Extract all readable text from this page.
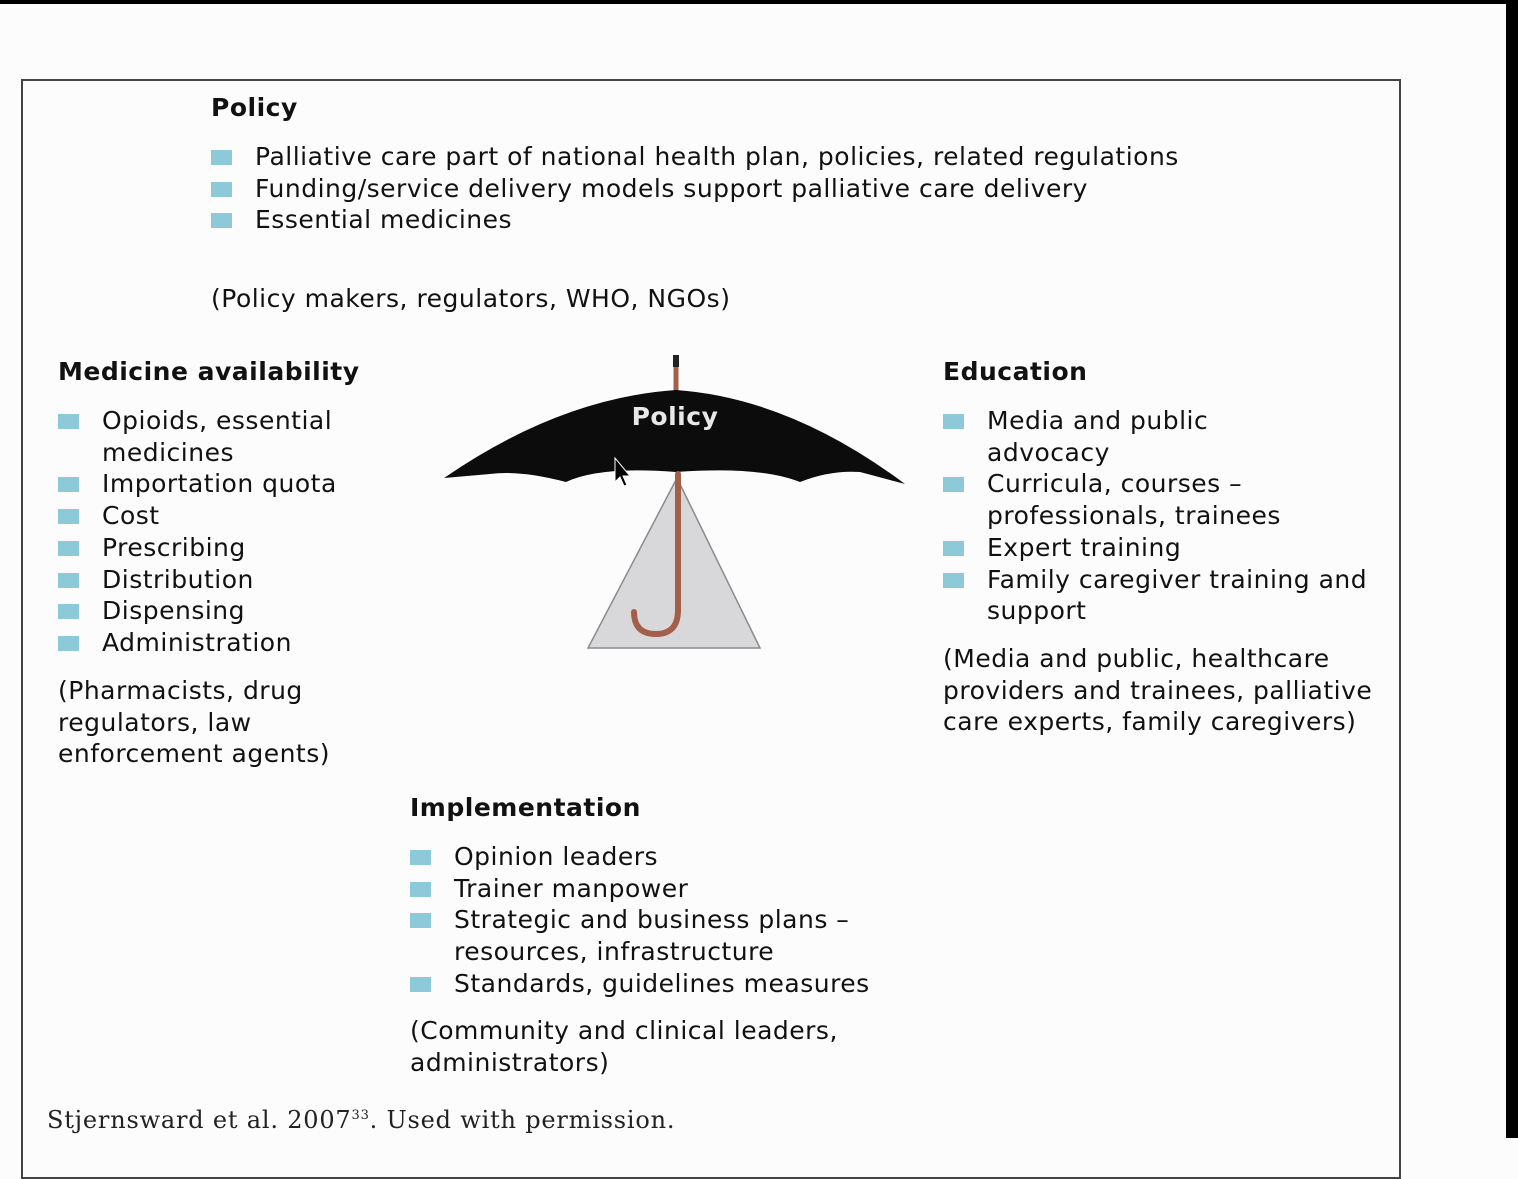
Policy
Palliative care part of national health plan, policies, related regulations
Funding/service delivery models support palliative care delivery
Essential medicines
(Policy makers, regulators, WHO, NGOs)
Medicine availability
Opioids, essential medicines
Importation quota
Cost
Prescribing
Distribution
Dispensing
Administration
(Pharmacists, drug regulators, law enforcement agents)
Education
Media and public advocacy
Curricula, courses – professionals, trainees
Expert training
Family caregiver training and support
(Media and public, healthcare providers and trainees, palliative care experts, family caregivers)
Implementation
Opinion leaders
Trainer manpower
Strategic and business plans – resources, infrastructure
Standards, guidelines measures
(Community and clinical leaders, administrators)
Policy
Stjernsward et al. 2007$^{33}$. Used with permission.
